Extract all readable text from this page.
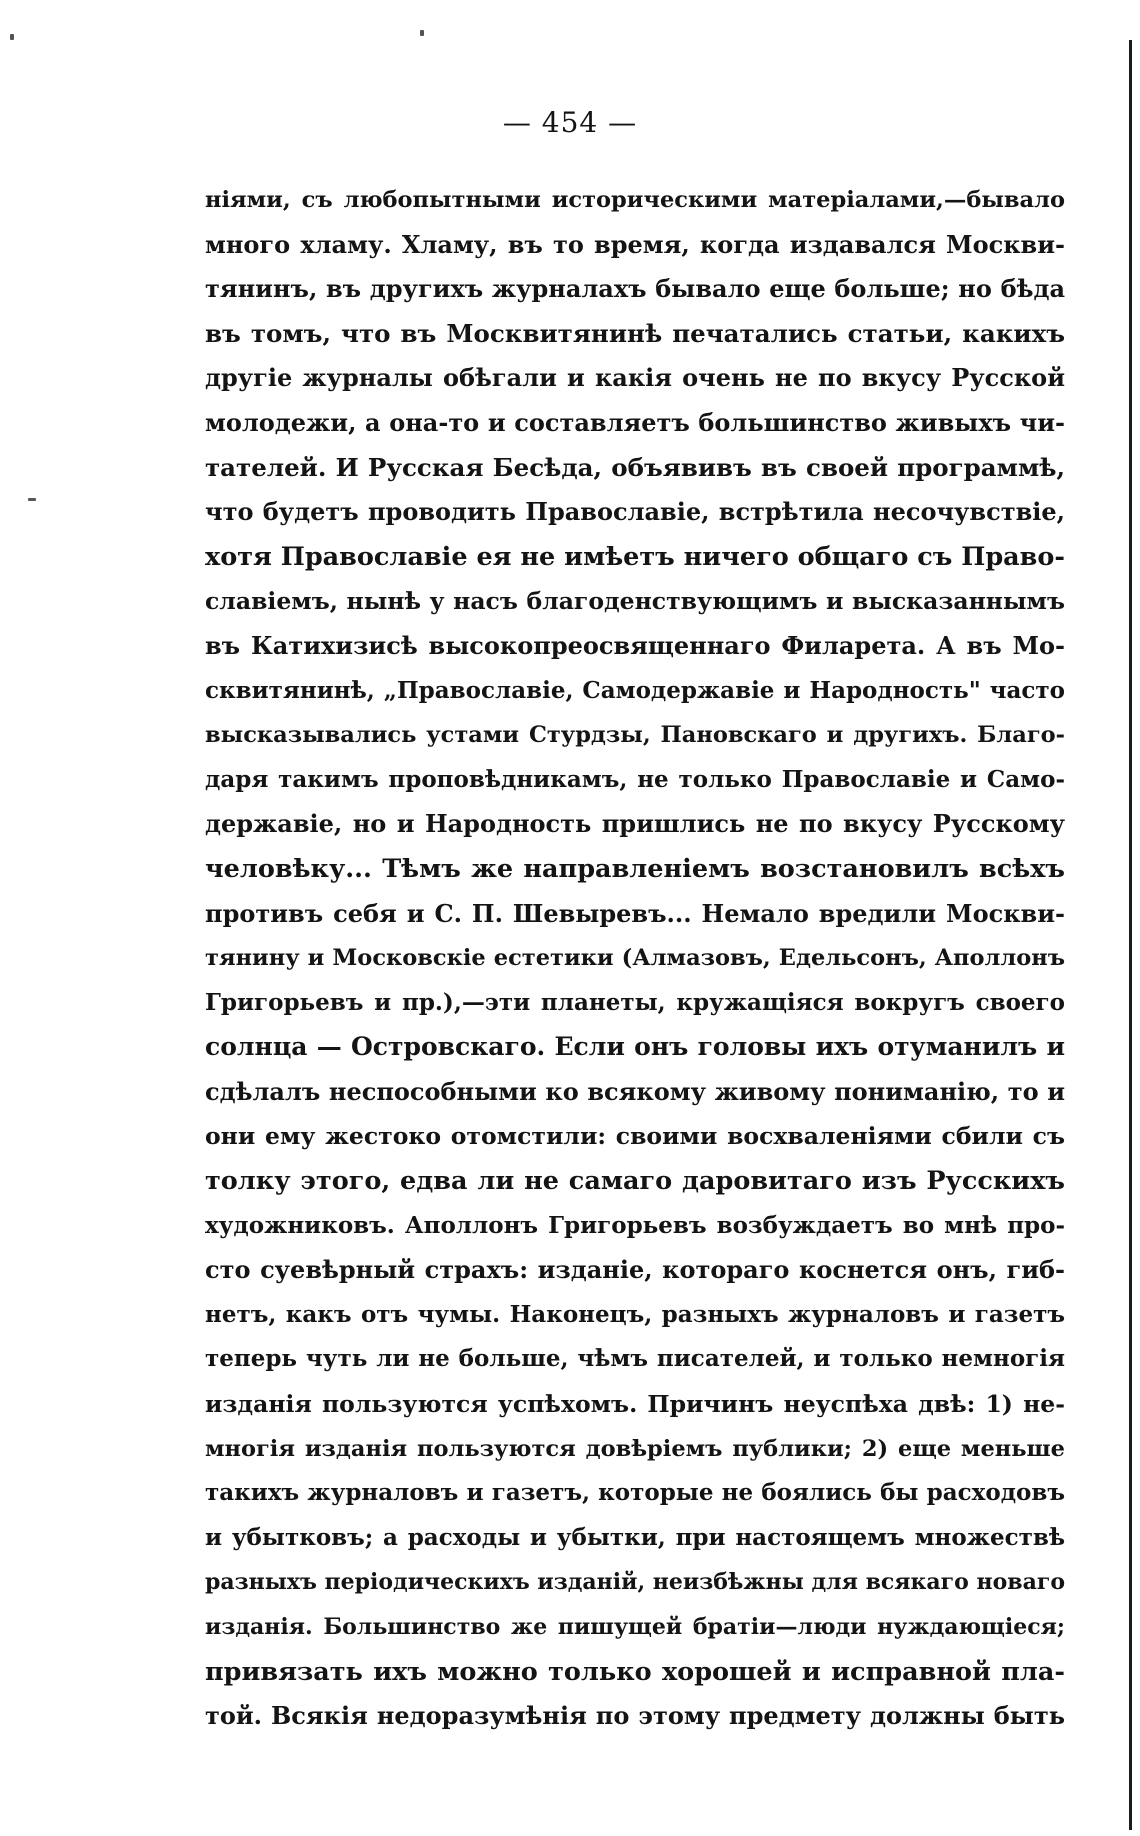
— 454 —
ніями, съ любопытными историческими матеріалами,—бывало
много хламу. Хламу, въ то время, когда издавался Москви-
тянинъ, въ другихъ журналахъ бывало еще больше; но бѣда
въ томъ, что въ Москвитянинѣ печатались статьи, какихъ
другіе журналы обѣгали и какія очень не по вкусу Русской
молодежи, а она-то и составляетъ большинство живыхъ чи-
тателей. И Русская Бесѣда, объявивъ въ своей программѣ,
что будетъ проводить Православіе, встрѣтила несочувствіе,
хотя Православіе ея не имѣетъ ничего общаго съ Право-
славіемъ, нынѣ у насъ благоденствующимъ и высказаннымъ
въ Катихизисѣ высокопреосвященнаго Филарета. А въ Мо-
сквитянинѣ, „Православіе, Самодержавіе и Народность" часто
высказывались устами Стурдзы, Пановскаго и другихъ. Благо-
даря такимъ проповѣдникамъ, не только Православіе и Само-
державіе, но и Народность пришлись не по вкусу Русскому
человѣку... Тѣмъ же направленіемъ возстановилъ всѣхъ
противъ себя и С. П. Шевыревъ... Немало вредили Москви-
тянину и Московскіе естетики (Алмазовъ, Едельсонъ, Аполлонъ
Григорьевъ и пр.),—эти планеты, кружащіяся вокругъ своего
солнца — Островскаго. Если онъ головы ихъ отуманилъ и
сдѣлалъ неспособными ко всякому живому пониманію, то и
они ему жестоко отомстили: своими восхваленіями сбили съ
толку этого, едва ли не самаго даровитаго изъ Русскихъ
художниковъ. Аполлонъ Григорьевъ возбуждаетъ во мнѣ про-
сто суевѣрный страхъ: изданіе, котораго коснется онъ, гиб-
нетъ, какъ отъ чумы. Наконецъ, разныхъ журналовъ и газетъ
теперь чуть ли не больше, чѣмъ писателей, и только немногія
изданія пользуются успѣхомъ. Причинъ неуспѣха двѣ: 1) не-
многія изданія пользуются довѣріемъ публики; 2) еще меньше
такихъ журналовъ и газетъ, которые не боялись бы расходовъ
и убытковъ; а расходы и убытки, при настоящемъ множествѣ
разныхъ періодическихъ изданій, неизбѣжны для всякаго новаго
изданія. Большинство же пишущей братіи—люди нуждающіеся;
привязать ихъ можно только хорошей и исправной пла-
той. Всякія недоразумѣнія по этому предмету должны быть
